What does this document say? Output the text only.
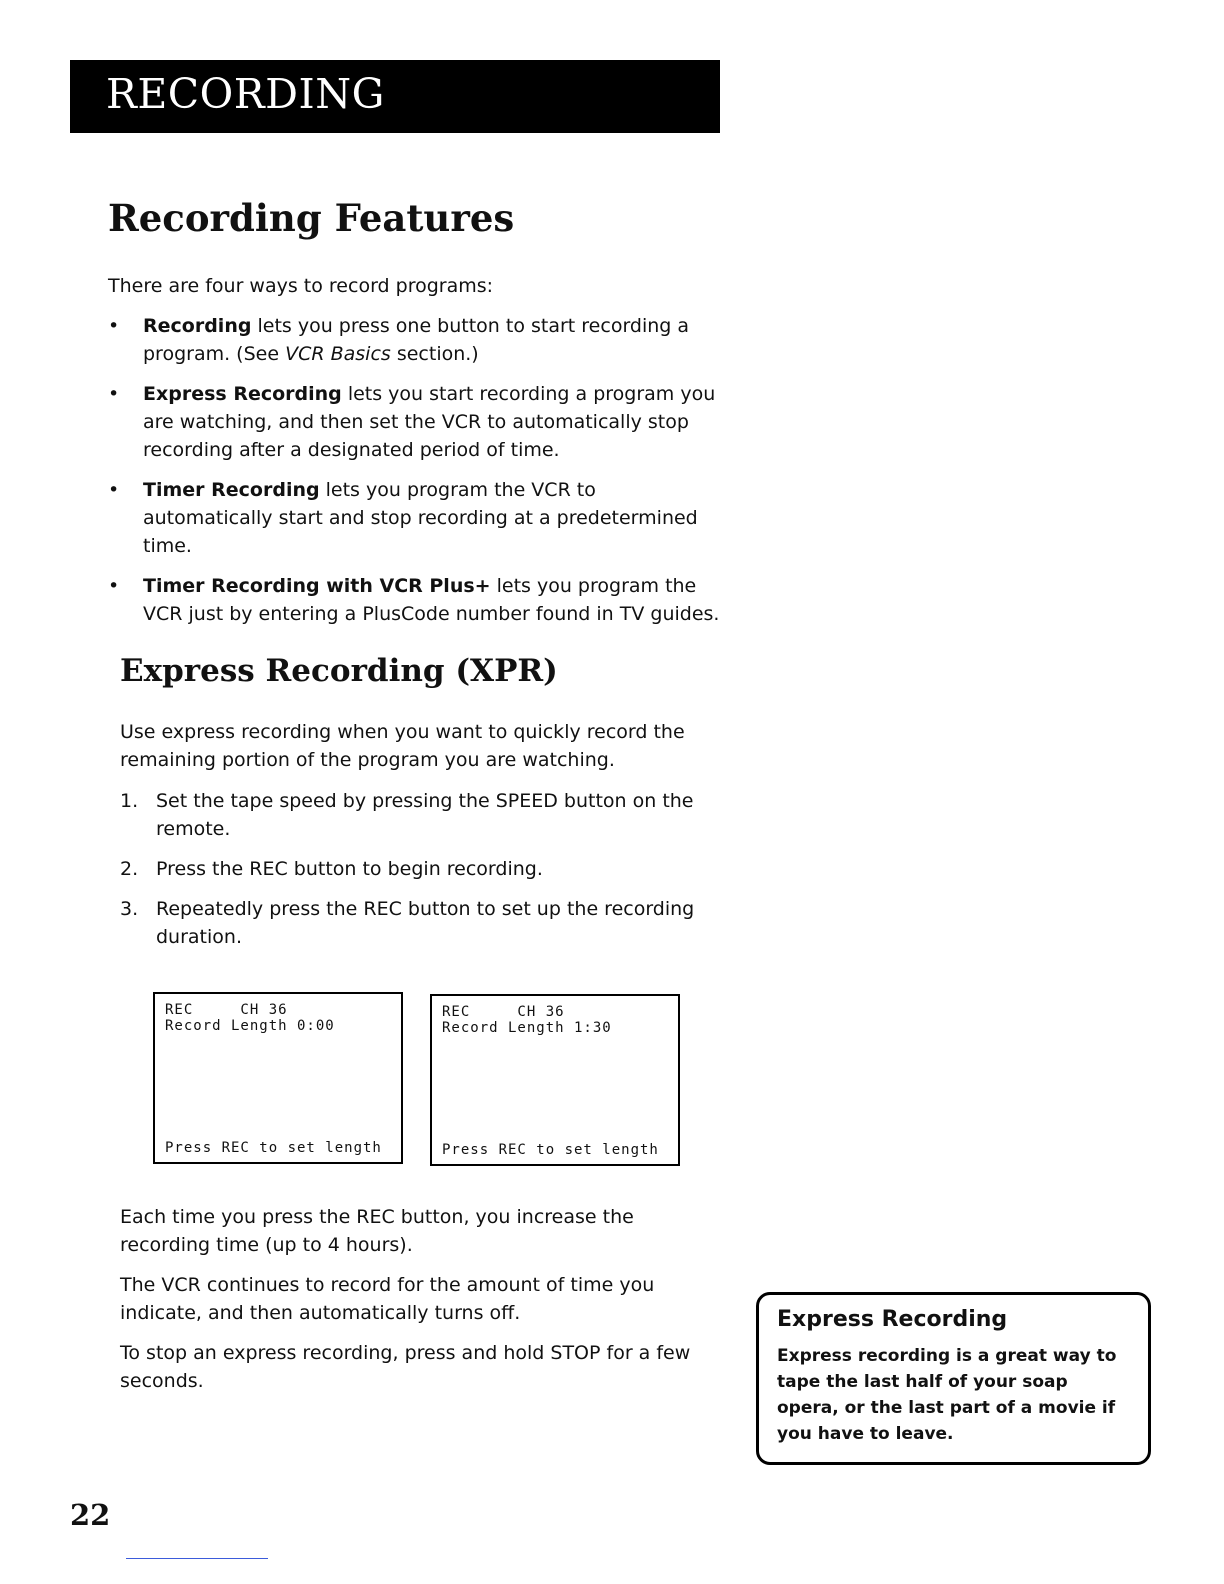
RECORDING
Recording Features

There are four ways to record programs:

• Recording lets you press one button to start recording a program. (See VCR Basics section.)
• Express Recording lets you start recording a program you are watching, and then set the VCR to automatically stop recording after a designated period of time.
• Timer Recording lets you program the VCR to automatically start and stop recording at a predetermined time.
• Timer Recording with VCR Plus+ lets you program the VCR just by entering a PlusCode number found in TV guides.
Express Recording (XPR)

Use express recording when you want to quickly record the remaining portion of the program you are watching.

1. Set the tape speed by pressing the SPEED button on the remote.
2. Press the REC button to begin recording.
3. Repeatedly press the REC button to set up the recording duration.
REC     CH 36
Record Length 0:00
Press REC to set length
REC     CH 36
Record Length 1:30
Press REC to set length

Each time you press the REC button, you increase the recording time (up to 4 hours).

The VCR continues to record for the amount of time you indicate, and then automatically turns off.

To stop an express recording, press and hold STOP for a few seconds.

Express Recording

Express recording is a great way to tape the last half of your soap opera, or the last part of a movie if you have to leave.

22
